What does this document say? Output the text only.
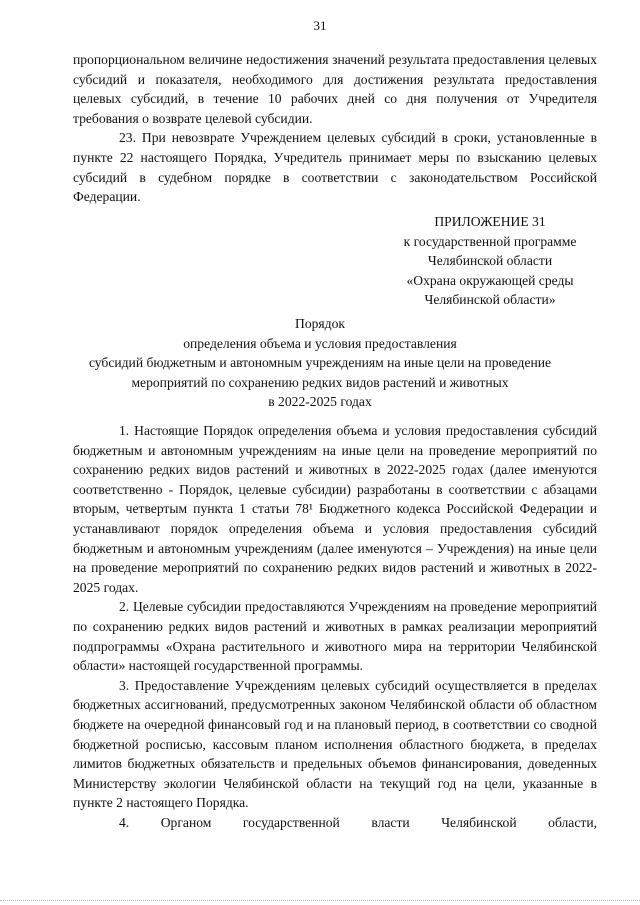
31

пропорциональном величине недостижения значений результата предоставления целевых субсидий и показателя, необходимого для достижения результата предоставления целевых субсидий, в течение 10 рабочих дней со дня получения от Учредителя требования о возврате целевой субсидии.

23. При невозврате Учреждением целевых субсидий в сроки, установленные в пункте 22 настоящего Порядка, Учредитель принимает меры по взысканию целевых субсидий в судебном порядке в соответствии с законодательством Российской Федерации.

ПРИЛОЖЕНИЕ 31
к государственной программе
Челябинской области
«Охрана окружающей среды
Челябинской области»
Порядок
определения объема и условия предоставления
субсидий бюджетным и автономным учреждениям на иные цели на проведение
мероприятий по сохранению редких видов растений и животных
в 2022-2025 годах

1. Настоящие Порядок определения объема и условия предоставления субсидий бюджетным и автономным учреждениям на иные цели на проведение мероприятий по сохранению редких видов растений и животных в 2022-2025 годах (далее именуются соответственно - Порядок, целевые субсидии) разработаны в соответствии с абзацами вторым, четвертым пункта 1 статьи 78¹ Бюджетного кодекса Российской Федерации и устанавливают порядок определения объема и условия предоставления субсидий бюджетным и автономным учреждениям (далее именуются – Учреждения) на иные цели на проведение мероприятий по сохранению редких видов растений и животных в 2022-2025 годах.

2. Целевые субсидии предоставляются Учреждениям на проведение мероприятий по сохранению редких видов растений и животных в рамках реализации мероприятий подпрограммы «Охрана растительного и животного мира на территории Челябинской области» настоящей государственной программы.

3. Предоставление Учреждениям целевых субсидий осуществляется в пределах бюджетных ассигнований, предусмотренных законом Челябинской области об областном бюджете на очередной финансовый год и на плановый период, в соответствии со сводной бюджетной росписью, кассовым планом исполнения областного бюджета, в пределах лимитов бюджетных обязательств и предельных объемов финансирования, доведенных Министерству экологии Челябинской области на текущий год на цели, указанные в пункте 2 настоящего Порядка.

4. Органом государственной власти Челябинской области,
